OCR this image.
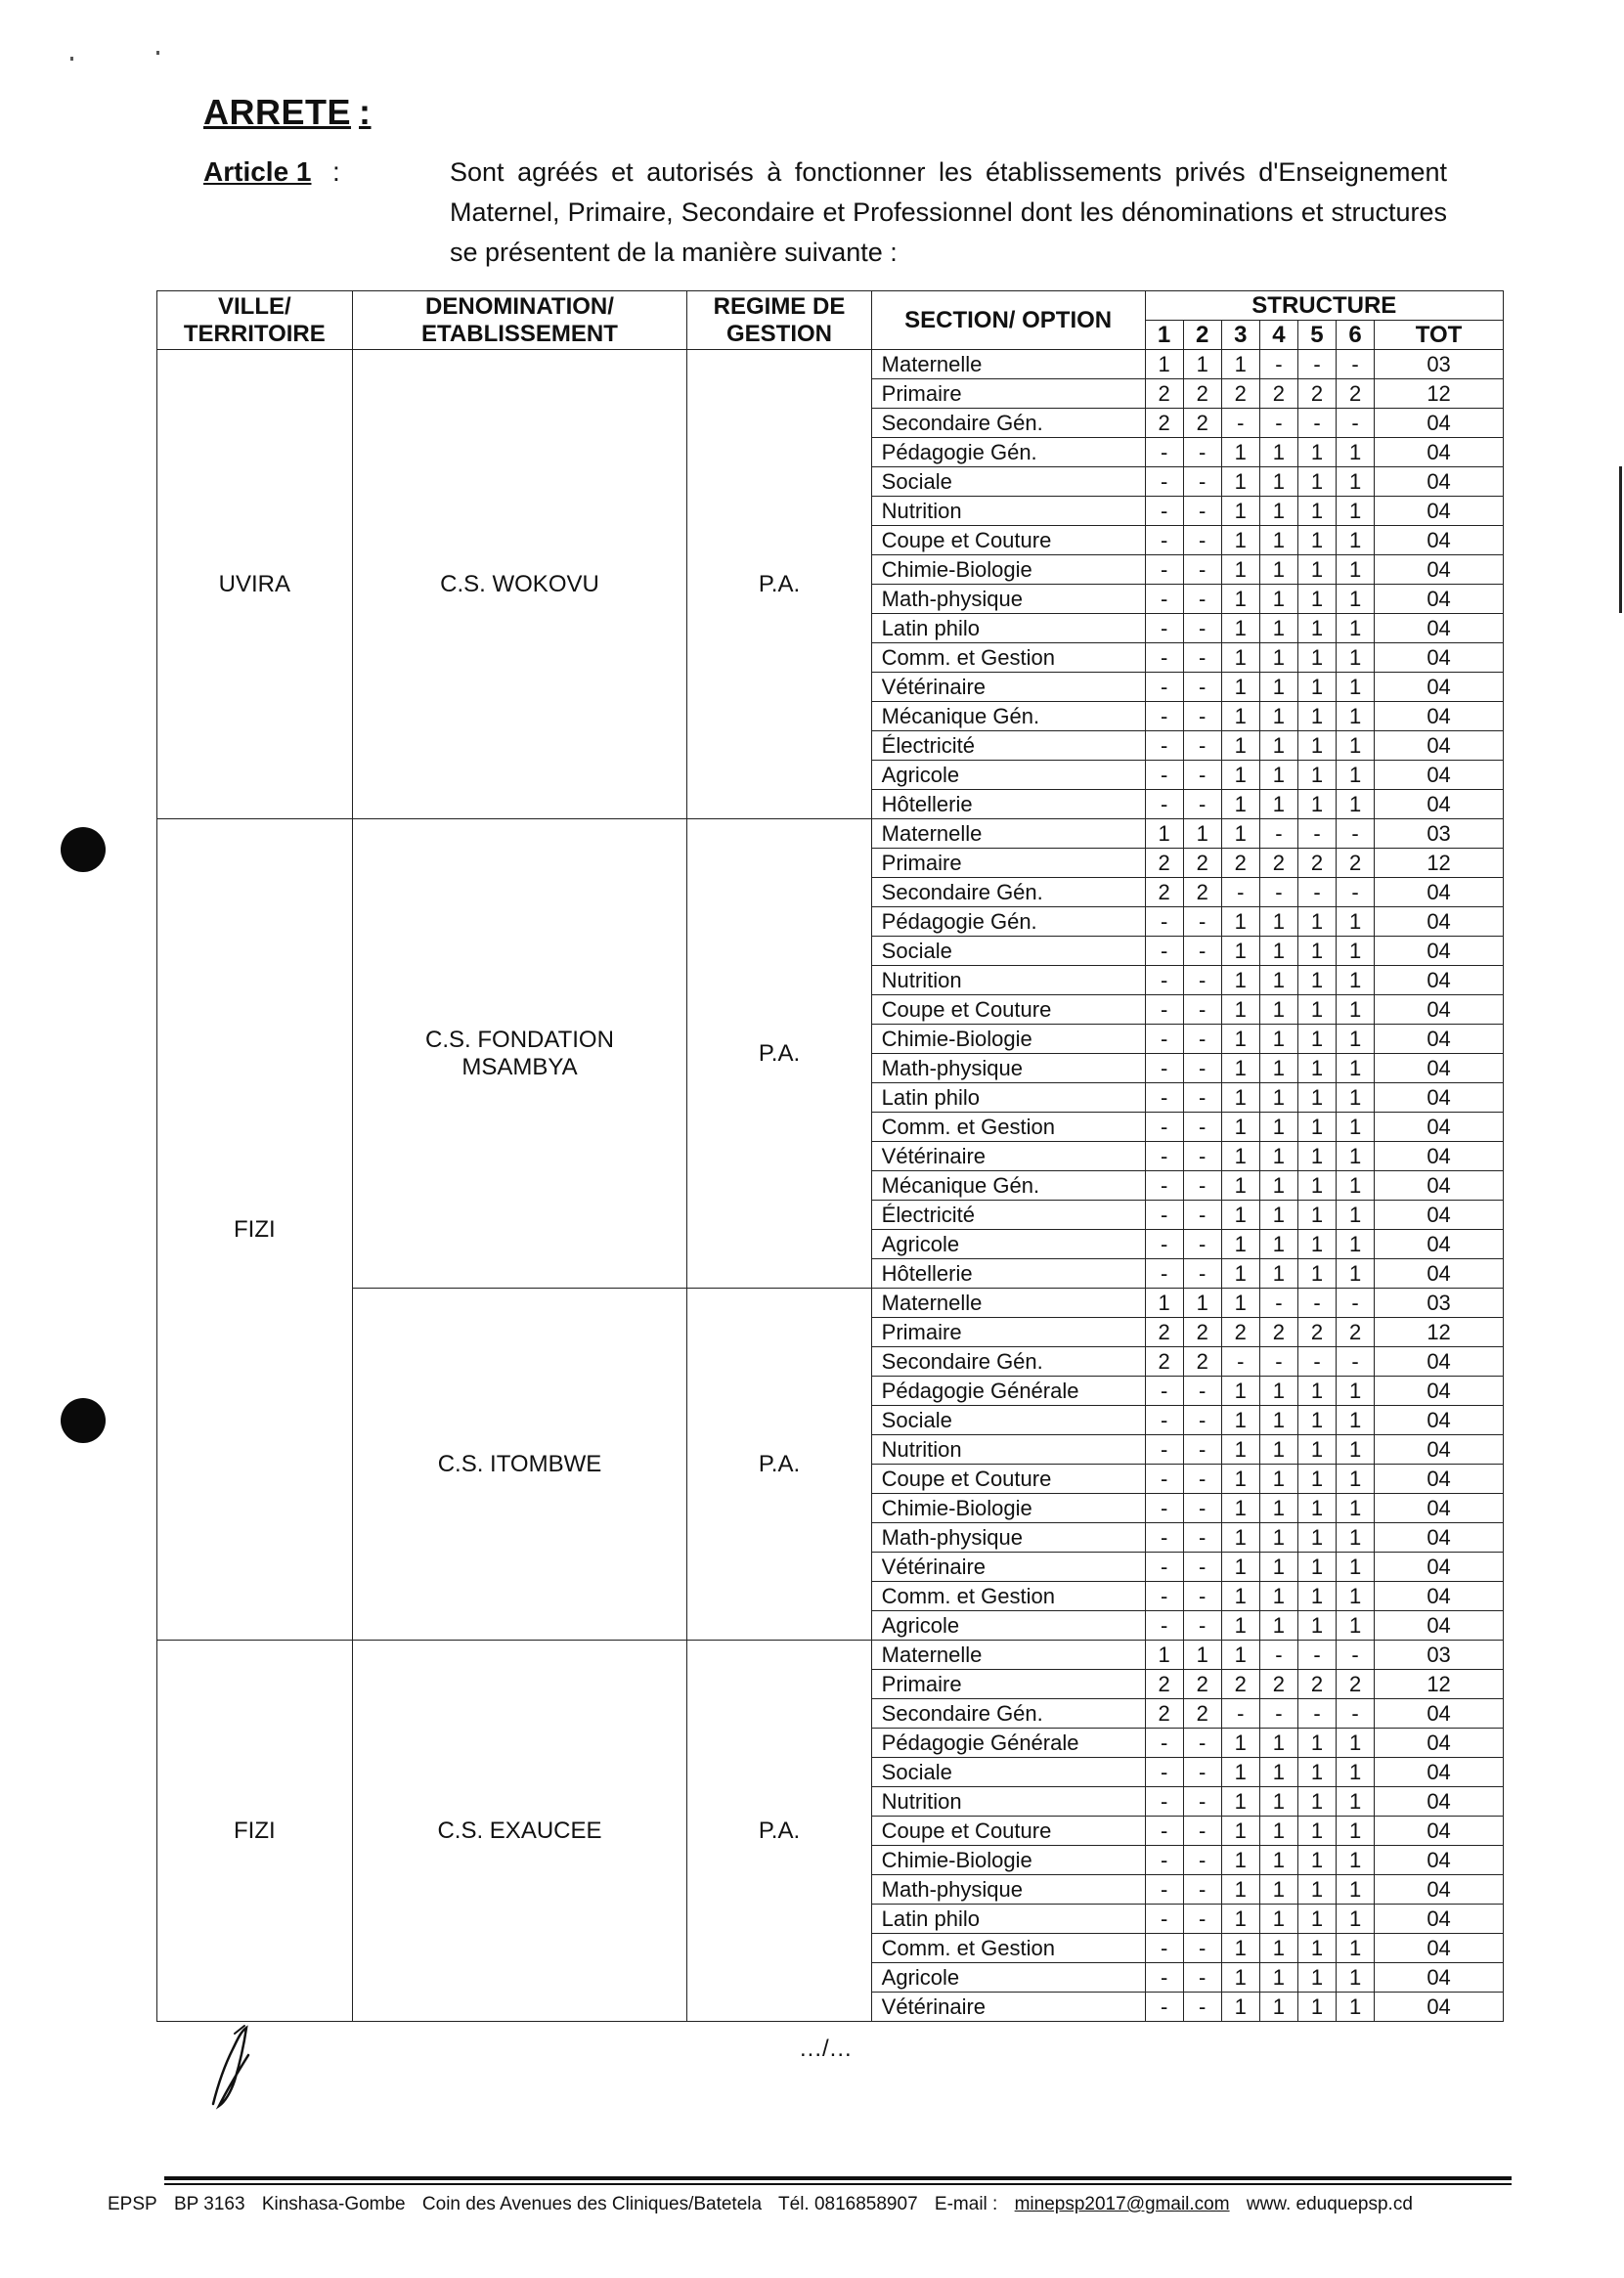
ARRETE :
Article 1 :	Sont agréés et autorisés à fonctionner les établissements privés d'Enseignement Maternel, Primaire, Secondaire et Professionnel dont les dénominations et structures se présentent de la manière suivante :
VILLE/ TERRITOIRE	DENOMINATION/ ETABLISSEMENT	REGIME DE GESTION	SECTION/ OPTION	STRUCTURE						
				1	2	3	4	5	6	TOT
UVIRA	C.S. WOKOVU	P.A.	Maternelle	1	1	1	-	-	-	03
			Primaire	2	2	2	2	2	2	12
			Secondaire Gén.	2	2	-	-	-	-	04
			Pédagogie Gén.	-	-	1	1	1	1	04
			Sociale	-	-	1	1	1	1	04
			Nutrition	-	-	1	1	1	1	04
			Coupe et Couture	-	-	1	1	1	1	04
			Chimie-Biologie	-	-	1	1	1	1	04
			Math-physique	-	-	1	1	1	1	04
			Latin philo	-	-	1	1	1	1	04
			Comm. et Gestion	-	-	1	1	1	1	04
			Vétérinaire	-	-	1	1	1	1	04
			Mécanique Gén.	-	-	1	1	1	1	04
			Électricité	-	-	1	1	1	1	04
			Agricole	-	-	1	1	1	1	04
			Hôtellerie	-	-	1	1	1	1	04
FIZI	C.S. FONDATION MSAMBYA	P.A.	Maternelle	1	1	1	-	-	-	03
			Primaire	2	2	2	2	2	2	12
			Secondaire Gén.	2	2	-	-	-	-	04
			Pédagogie Gén.	-	-	1	1	1	1	04
			Sociale	-	-	1	1	1	1	04
			Nutrition	-	-	1	1	1	1	04
			Coupe et Couture	-	-	1	1	1	1	04
			Chimie-Biologie	-	-	1	1	1	1	04
			Math-physique	-	-	1	1	1	1	04
			Latin philo	-	-	1	1	1	1	04
			Comm. et Gestion	-	-	1	1	1	1	04
			Vétérinaire	-	-	1	1	1	1	04
			Mécanique Gén.	-	-	1	1	1	1	04
			Électricité	-	-	1	1	1	1	04
			Agricole	-	-	1	1	1	1	04
			Hôtellerie	-	-	1	1	1	1	04
	C.S. ITOMBWE	P.A.	Maternelle	1	1	1	-	-	-	03
			Primaire	2	2	2	2	2	2	12
			Secondaire Gén.	2	2	-	-	-	-	04
			Pédagogie Générale	-	-	1	1	1	1	04
			Sociale	-	-	1	1	1	1	04
			Nutrition	-	-	1	1	1	1	04
			Coupe et Couture	-	-	1	1	1	1	04
			Chimie-Biologie	-	-	1	1	1	1	04
			Math-physique	-	-	1	1	1	1	04
			Vétérinaire	-	-	1	1	1	1	04
			Comm. et Gestion	-	-	1	1	1	1	04
			Agricole	-	-	1	1	1	1	04
FIZI	C.S. EXAUCEE	P.A.	Maternelle	1	1	1	-	-	-	03
			Primaire	2	2	2	2	2	2	12
			Secondaire Gén.	2	2	-	-	-	-	04
			Pédagogie Générale	-	-	1	1	1	1	04
			Sociale	-	-	1	1	1	1	04
			Nutrition	-	-	1	1	1	1	04
			Coupe et Couture	-	-	1	1	1	1	04
			Chimie-Biologie	-	-	1	1	1	1	04
			Math-physique	-	-	1	1	1	1	04
			Latin philo	-	-	1	1	1	1	04
			Comm. et Gestion	-	-	1	1	1	1	04
			Agricole	-	-	1	1	1	1	04
			Vétérinaire	-	-	1	1	1	1	04
.../...
EPSP BP 3163 Kinshasa-Gombe Coin des Avenues des Cliniques/Batetela Tél. 0816858907 E-mail : minepsp2017@gmail.com www. eduquepsp.cd
